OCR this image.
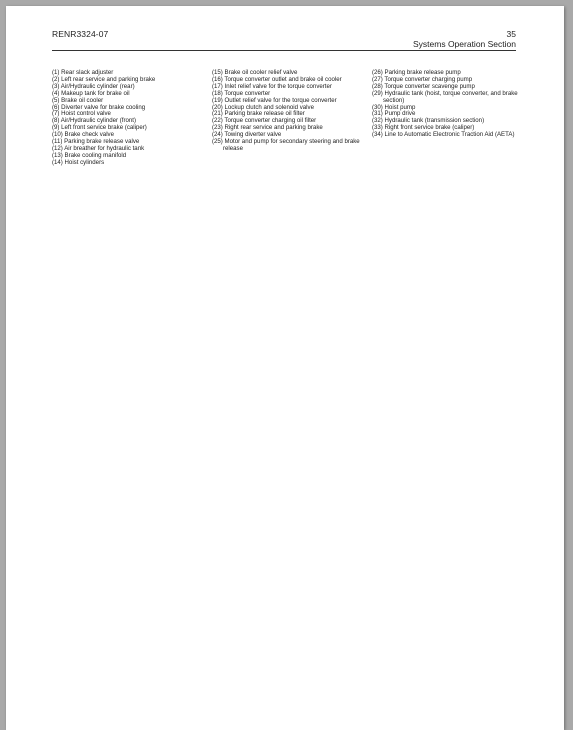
RENR3324-07	35
Systems Operation Section
(1) Rear slack adjuster
(2) Left rear service and parking brake
(3) Air/Hydraulic cylinder (rear)
(4) Makeup tank for brake oil
(5) Brake oil cooler
(6) Diverter valve for brake cooling
(7) Hoist control valve
(8) Air/Hydraulic cylinder (front)
(9) Left front service brake (caliper)
(10) Brake check valve
(11) Parking brake release valve
(12) Air breather for hydraulic tank
(13) Brake cooling manifold
(14) Hoist cylinders
(15) Brake oil cooler relief valve
(16) Torque converter outlet and brake oil cooler
(17) Inlet relief valve for the torque converter
(18) Torque converter
(19) Outlet relief valve for the torque converter
(20) Lockup clutch and solenoid valve
(21) Parking brake release oil filter
(22) Torque converter charging oil filter
(23) Right rear service and parking brake
(24) Towing diverter valve
(25) Motor and pump for secondary steering and brake release
(26) Parking brake release pump
(27) Torque converter charging pump
(28) Torque converter scavenge pump
(29) Hydraulic tank (hoist, torque converter, and brake section)
(30) Hoist pump
(31) Pump drive
(32) Hydraulic tank (transmission section)
(33) Right front service brake (caliper)
(34) Line to Automatic Electronic Traction Aid (AETA)
